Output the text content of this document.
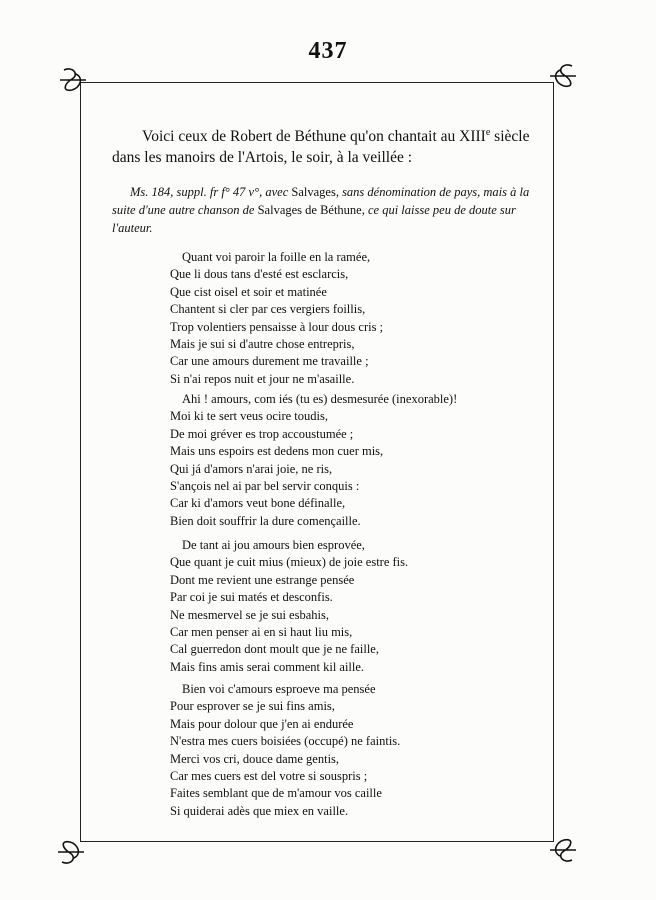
437

Voici ceux de Robert de Béthune qu'on chantait au XIIIe siècle dans les manoirs de l'Artois, le soir, à la veillée :

Ms. 184, suppl. fr f° 47 v°, avec Salvages, sans dénomination de pays, mais à la suite d'une autre chanson de Salvages de Béthune, ce qui laisse peu de doute sur l'auteur.

Quant voi paroir la foille en la ramée,
Que li dous tans d'esté est esclarcis,
Que cist oisel et soir et matinée
Chantent si cler par ces vergiers foillis,
Trop volentiers pensaisse à lour dous cris ;
Mais je sui si d'autre chose entrepris,
Car une amours durement me travaille ;
Si n'ai repos nuit et jour ne m'asaille.
Ahi ! amours, com iés (tu es) desmesurée (inexorable)!
Moi ki te sert veus ocire toudis,
De moi gréver es trop accoustumée ;
Mais uns espoirs est dedens mon cuer mis,
Qui já d'amors n'arai joie, ne ris,
S'ançois nel ai par bel servir conquis :
Car ki d'amors veut bone définalle,
Bien doit souffrir la dure començaille.
De tant ai jou amours bien esprovée,
Que quant je cuit mius (mieux) de joie estre fis.
Dont me revient une estrange pensée
Par coi je sui matés et desconfis.
Ne mesmervel se je sui esbahis,
Car men penser ai en si haut liu mis,
Cal guerredon dont moult que je ne faille,
Mais fins amis serai comment kil aille.
Bien voi c'amours esproeve ma pensée
Pour esprover se je sui fins amis,
Mais pour dolour que j'en ai endurée
N'estra mes cuers boisiées (occupé) ne faintis.
Merci vos cri, douce dame gentis,
Car mes cuers est del votre si souspris ;
Faites semblant que de m'amour vos caille
Si quiderai adès que miex en vaille.
